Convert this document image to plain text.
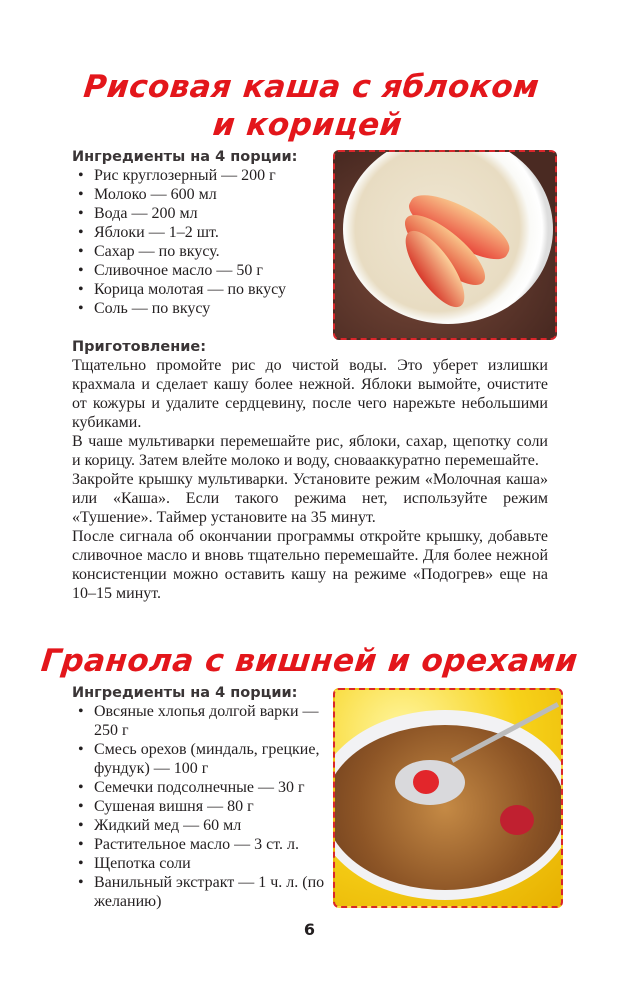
Рисовая каша с яблоком
и корицей
Ингредиенты на 4 порции:
• Рис круглозерный — 200 г
• Молоко — 600 мл
• Вода — 200 мл
• Яблоки — 1–2 шт.
• Сахар — по вкусу.
• Сливочное масло — 50 г
• Корица молотая — по вкусу
• Соль — по вкусу
Приготовление:

Тщательно промойте рис до чистой воды. Это уберет излишки крахмала и сделает кашу более нежной. Яблоки вымойте, очистите от кожуры и удалите сердцевину, после чего нарежьте небольшими кубиками.

В чаше мультиварки перемешайте рис, яблоки, сахар, щепотку соли и корицу. Затем влейте молоко и воду, сновааккуратно перемешайте.

Закройте крышку мультиварки. Установите режим «Молочная каша» или «Каша». Если такого режима нет, используйте режим «Тушение». Таймер установите на 35 минут.

После сигнала об окончании программы откройте крышку, добавьте сливочное масло и вновь тщательно перемешайте. Для более нежной консистенции можно оставить кашу на режиме «Подогрев» еще на 10–15 минут.

Гранола с вишней и орехами
Ингредиенты на 4 порции:
• Овсяные хлопья долгой варки — 250 г
• Смесь орехов (миндаль, грецкие, фундук) — 100 г
• Семечки подсолнечные — 30 г
• Сушеная вишня — 80 г
• Жидкий мед — 60 мл
• Растительное масло — 3 ст. л.
• Щепотка соли
• Ванильный экстракт — 1 ч. л. (по желанию)
6
